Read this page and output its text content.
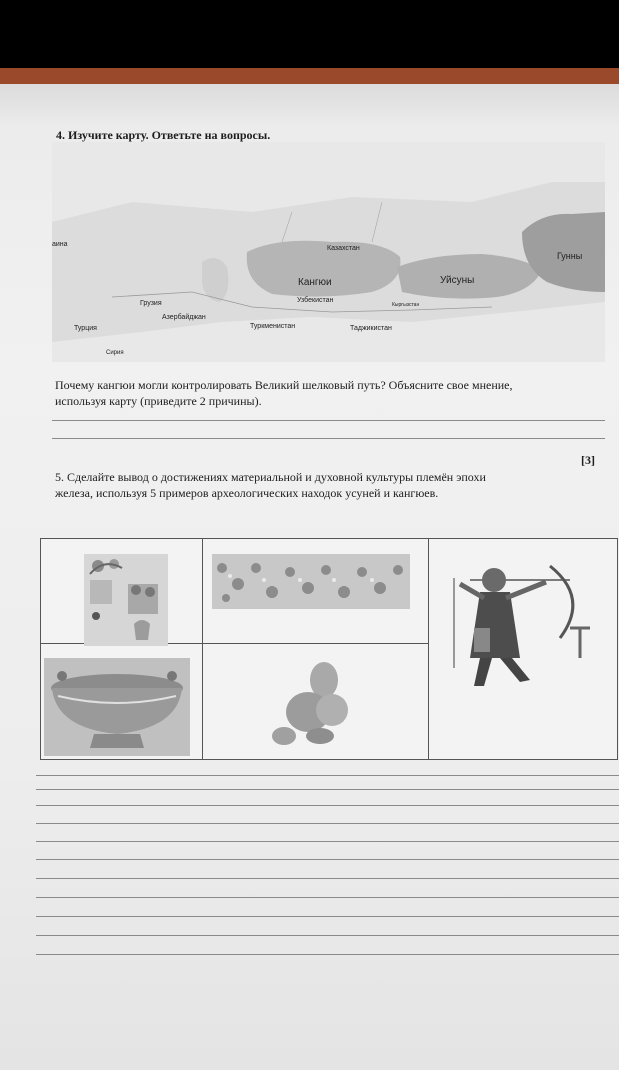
4. Изучите карту. Ответьте на вопросы.
аина
Казахстан
Кангюи	Уйсуны
Гунны
Узбекистан
Грузия
Азербайджан
Туркменистан	Таджикистан
Кыргызстан
Турция
Сирия
Почему кангюи могли контролировать Великий шелковый путь? Объясните свое мнение,
используя карту (приведите 2 причины).
[3]
5. Сделайте вывод о достижениях материальной и духовной культуры племён эпохи
железа, используя 5 примеров археологических находок усуней и кангюев.
